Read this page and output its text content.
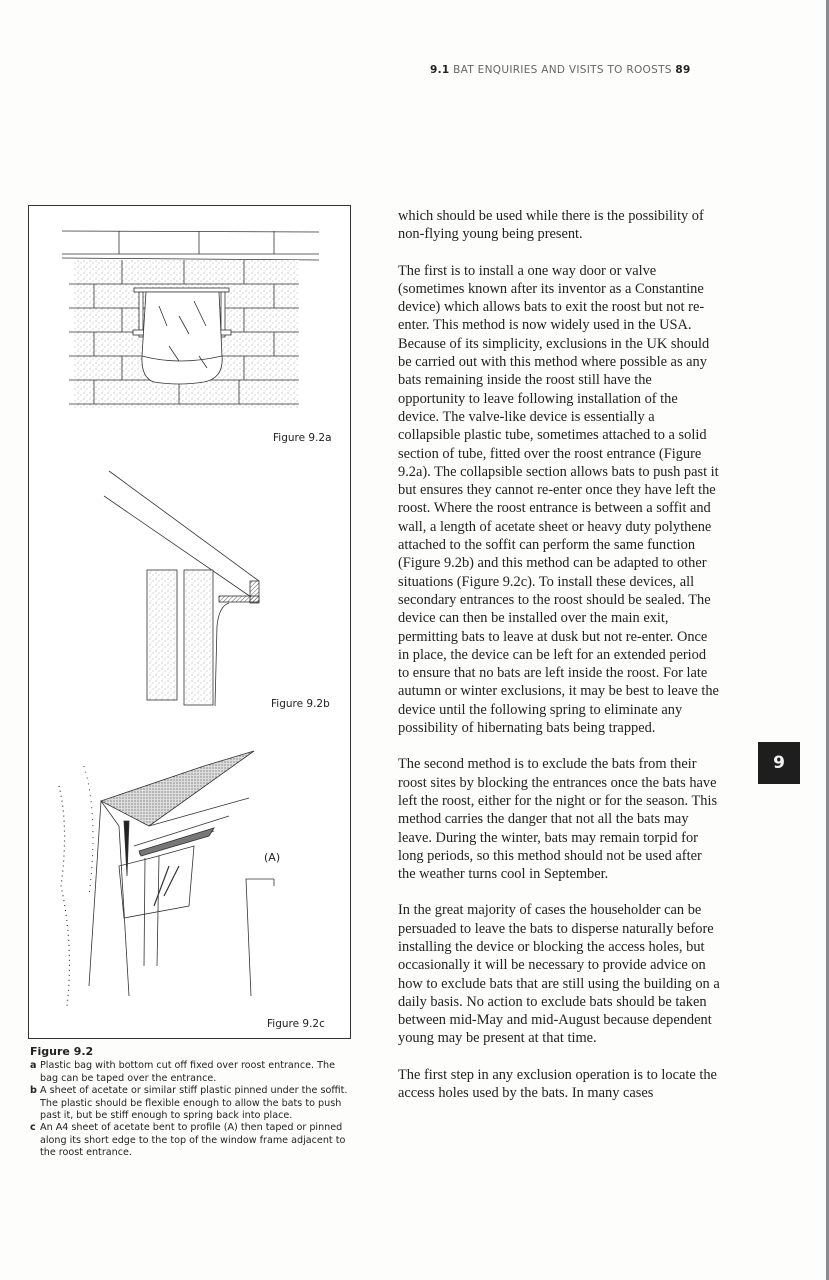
9.1 BAT ENQUIRIES AND VISITS TO ROOSTS 89
(A)
Figure 9.2a
Figure 9.2b
Figure 9.2c
Figure 9.2
a Plastic bag with bottom cut off fixed over roost entrance. The bag can be taped over the entrance.
b A sheet of acetate or similar stiff plastic pinned under the soffit. The plastic should be flexible enough to allow the bats to push past it, but be stiff enough to spring back into place.
c An A4 sheet of acetate bent to profile (A) then taped or pinned along its short edge to the top of the window frame adjacent to the roost entrance.

which should be used while there is the possibility of non-flying young being present.

The first is to install a one way door or valve (sometimes known after its inventor as a Constantine device) which allows bats to exit the roost but not re-enter. This method is now widely used in the USA. Because of its simplicity, exclusions in the UK should be carried out with this method where possible as any bats remaining inside the roost still have the opportunity to leave following installation of the device. The valve-like device is essentially a collapsible plastic tube, sometimes attached to a solid section of tube, fitted over the roost entrance (Figure 9.2a). The collapsible section allows bats to push past it but ensures they cannot re-enter once they have left the roost. Where the roost entrance is between a soffit and wall, a length of acetate sheet or heavy duty polythene attached to the soffit can perform the same function (Figure 9.2b) and this method can be adapted to other situations (Figure 9.2c). To install these devices, all secondary entrances to the roost should be sealed. The device can then be installed over the main exit, permitting bats to leave at dusk but not re-enter. Once in place, the device can be left for an extended period to ensure that no bats are left inside the roost. For late autumn or winter exclusions, it may be best to leave the device until the following spring to eliminate any possibility of hibernating bats being trapped.

The second method is to exclude the bats from their roost sites by blocking the entrances once the bats have left the roost, either for the night or for the season. This method carries the danger that not all the bats may leave. During the winter, bats may remain torpid for long periods, so this method should not be used after the weather turns cool in September.

In the great majority of cases the householder can be persuaded to leave the bats to disperse naturally before installing the device or blocking the access holes, but occasionally it will be necessary to provide advice on how to exclude bats that are still using the building on a daily basis. No action to exclude bats should be taken between mid-May and mid-August because dependent young may be present at that time.

The first step in any exclusion operation is to locate the access holes used by the bats. In many cases

9
